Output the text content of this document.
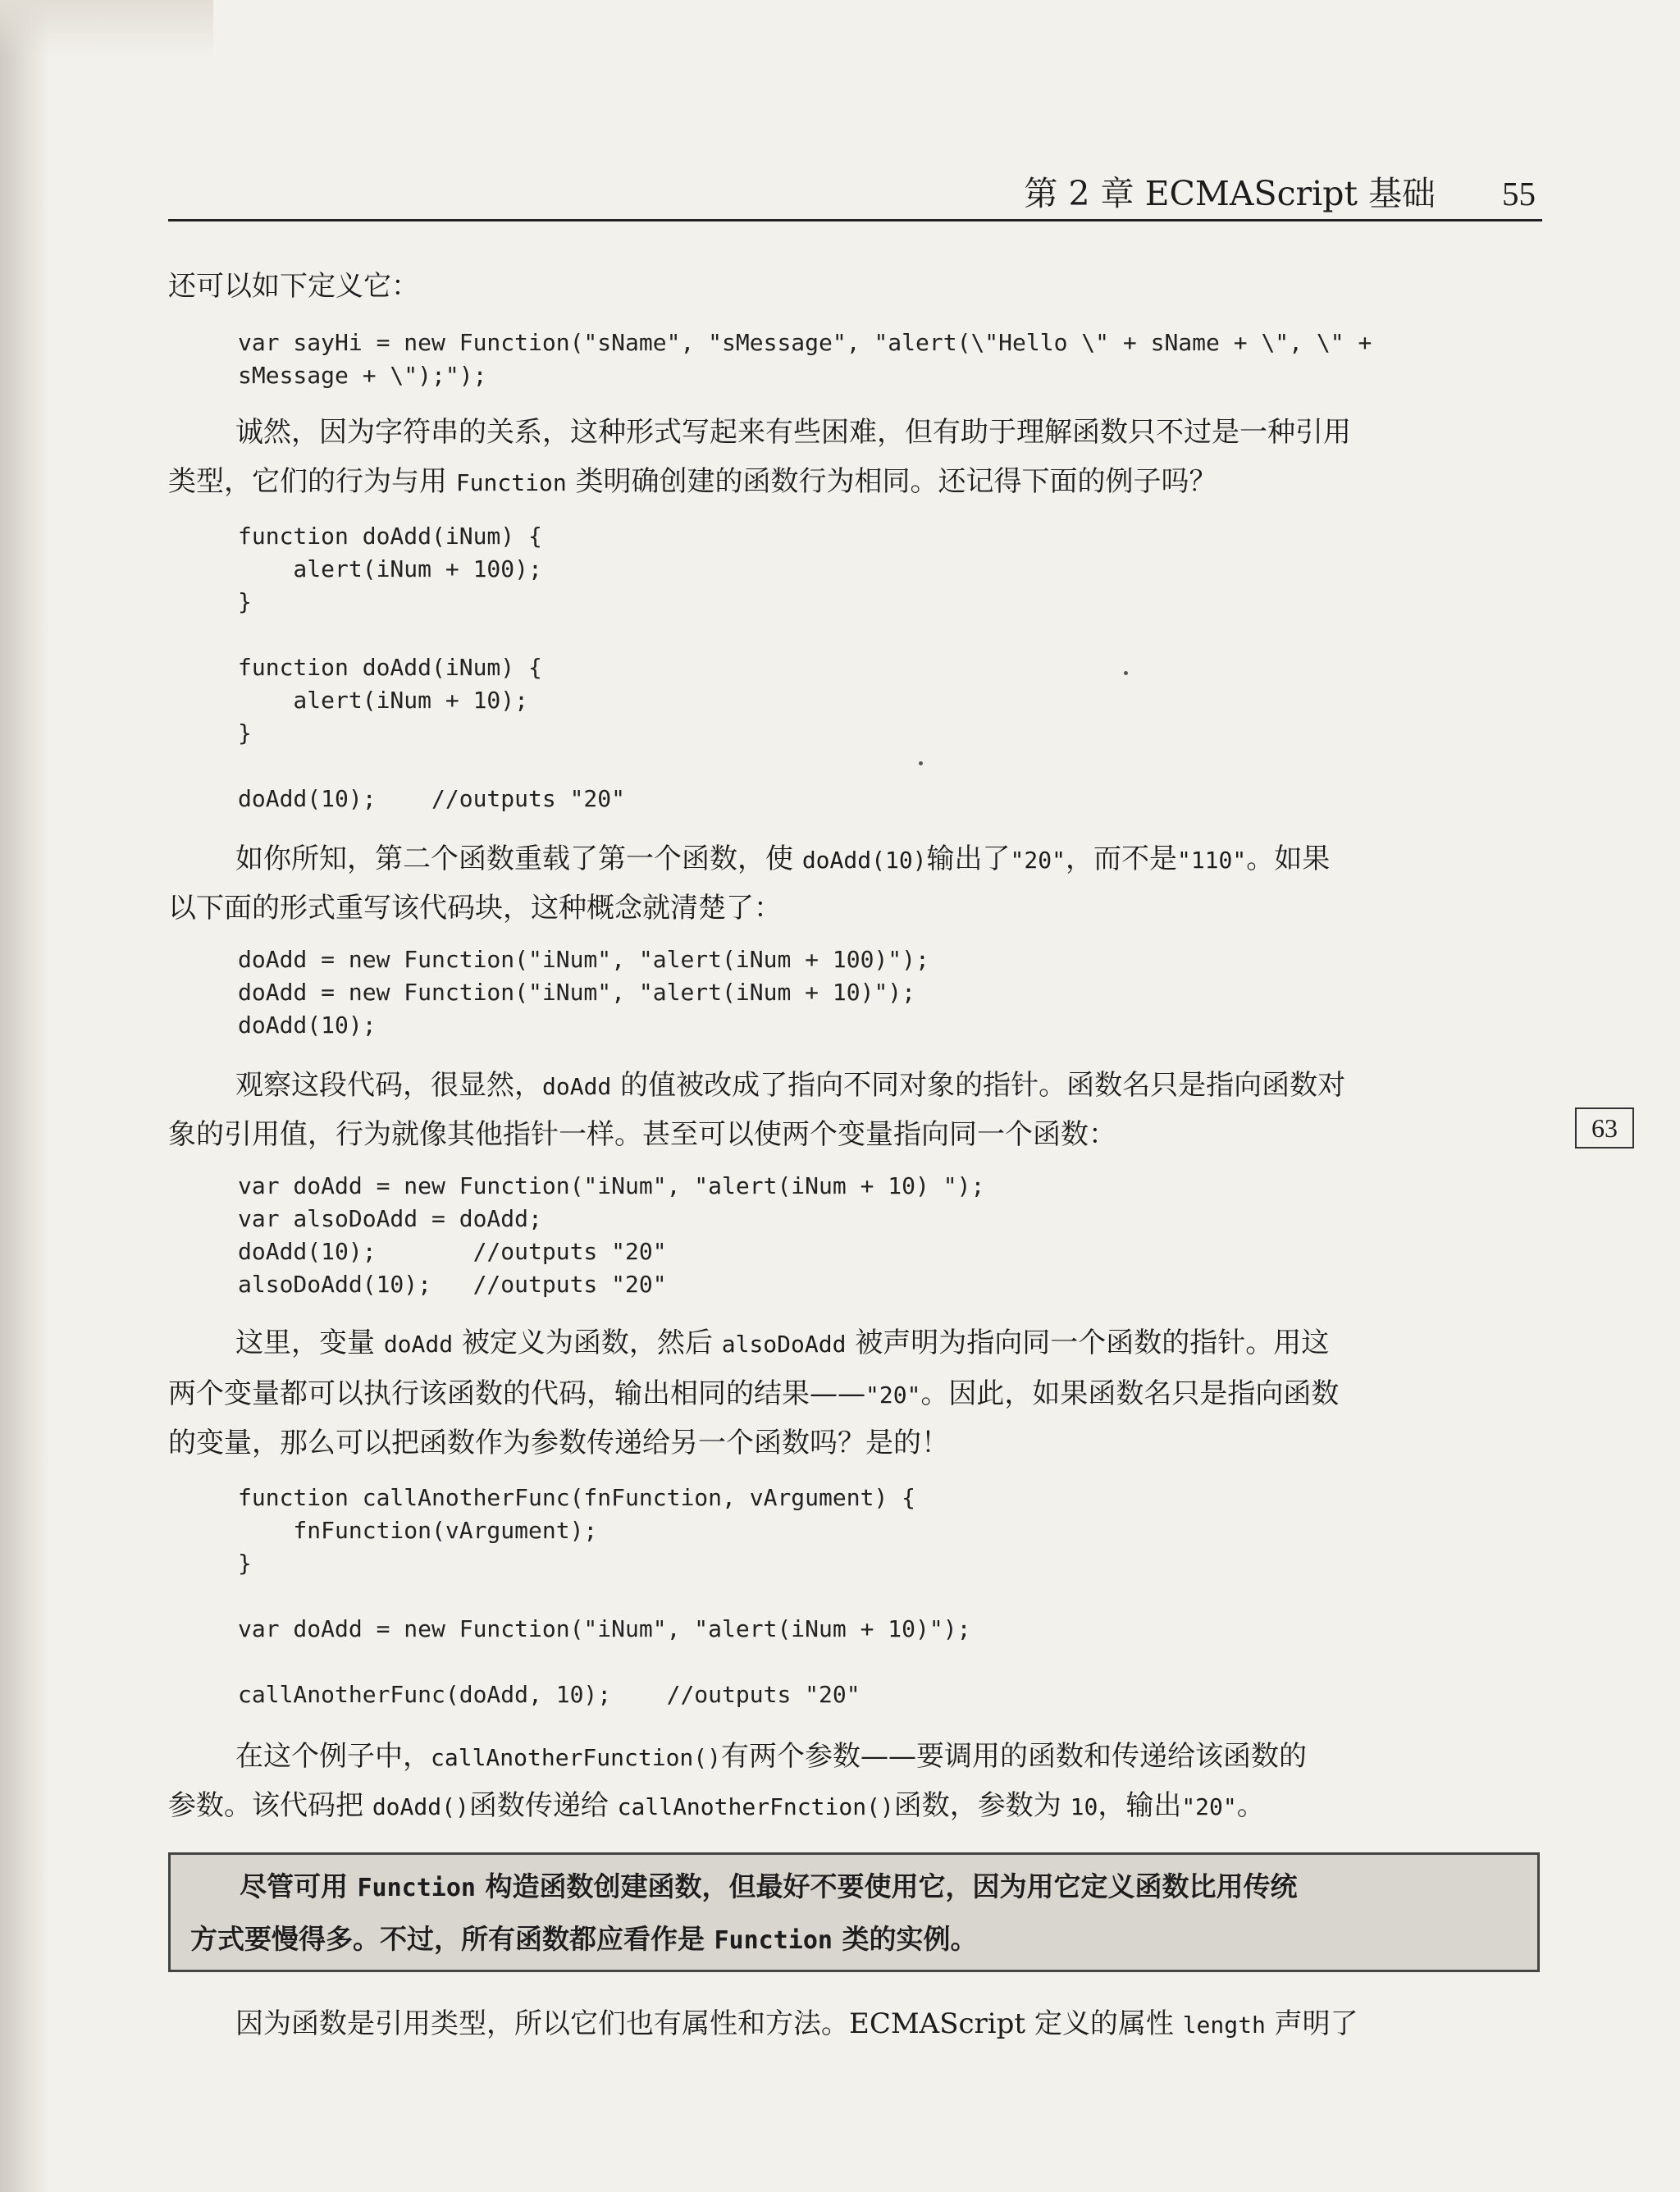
第 2 章 ECMAScript 基础 55
63

还可以如下定义它：

var sayHi = new Function("sName", "sMessage", "alert(\"Hello \" + sName + \", \" +
sMessage + \");");

诚然，因为字符串的关系，这种形式写起来有些困难，但有助于理解函数只不过是一种引用

类型，它们的行为与用 Function 类明确创建的函数行为相同。还记得下面的例子吗？

function doAdd(iNum) {
alert(iNum + 100);
}

function doAdd(iNum) {
alert(iNum + 10);
}

doAdd(10);    //outputs "20"

如你所知，第二个函数重载了第一个函数，使 doAdd(10)输出了"20"，而不是"110"。如果

以下面的形式重写该代码块，这种概念就清楚了：

doAdd = new Function("iNum", "alert(iNum + 100)");
doAdd = new Function("iNum", "alert(iNum + 10)");
doAdd(10);

观察这段代码，很显然，doAdd 的值被改成了指向不同对象的指针。函数名只是指向函数对

象的引用值，行为就像其他指针一样。甚至可以使两个变量指向同一个函数：

var doAdd = new Function("iNum", "alert(iNum + 10) ");
var alsoDoAdd = doAdd;
doAdd(10);       //outputs "20"
alsoDoAdd(10);   //outputs "20"

这里，变量 doAdd 被定义为函数，然后 alsoDoAdd 被声明为指向同一个函数的指针。用这

两个变量都可以执行该函数的代码，输出相同的结果——"20"。因此，如果函数名只是指向函数

的变量，那么可以把函数作为参数传递给另一个函数吗？是的！

function callAnotherFunc(fnFunction, vArgument) {
fnFunction(vArgument);
}

var doAdd = new Function("iNum", "alert(iNum + 10)");

callAnotherFunc(doAdd, 10);    //outputs "20"

在这个例子中，callAnotherFunction()有两个参数——要调用的函数和传递给该函数的

参数。该代码把 doAdd()函数传递给 callAnotherFnction()函数，参数为 10，输出"20"。

尽管可用 Function 构造函数创建函数，但最好不要使用它，因为用它定义函数比用传统
方式要慢得多。不过，所有函数都应看作是 Function 类的实例。

因为函数是引用类型，所以它们也有属性和方法。ECMAScript 定义的属性 length 声明了
